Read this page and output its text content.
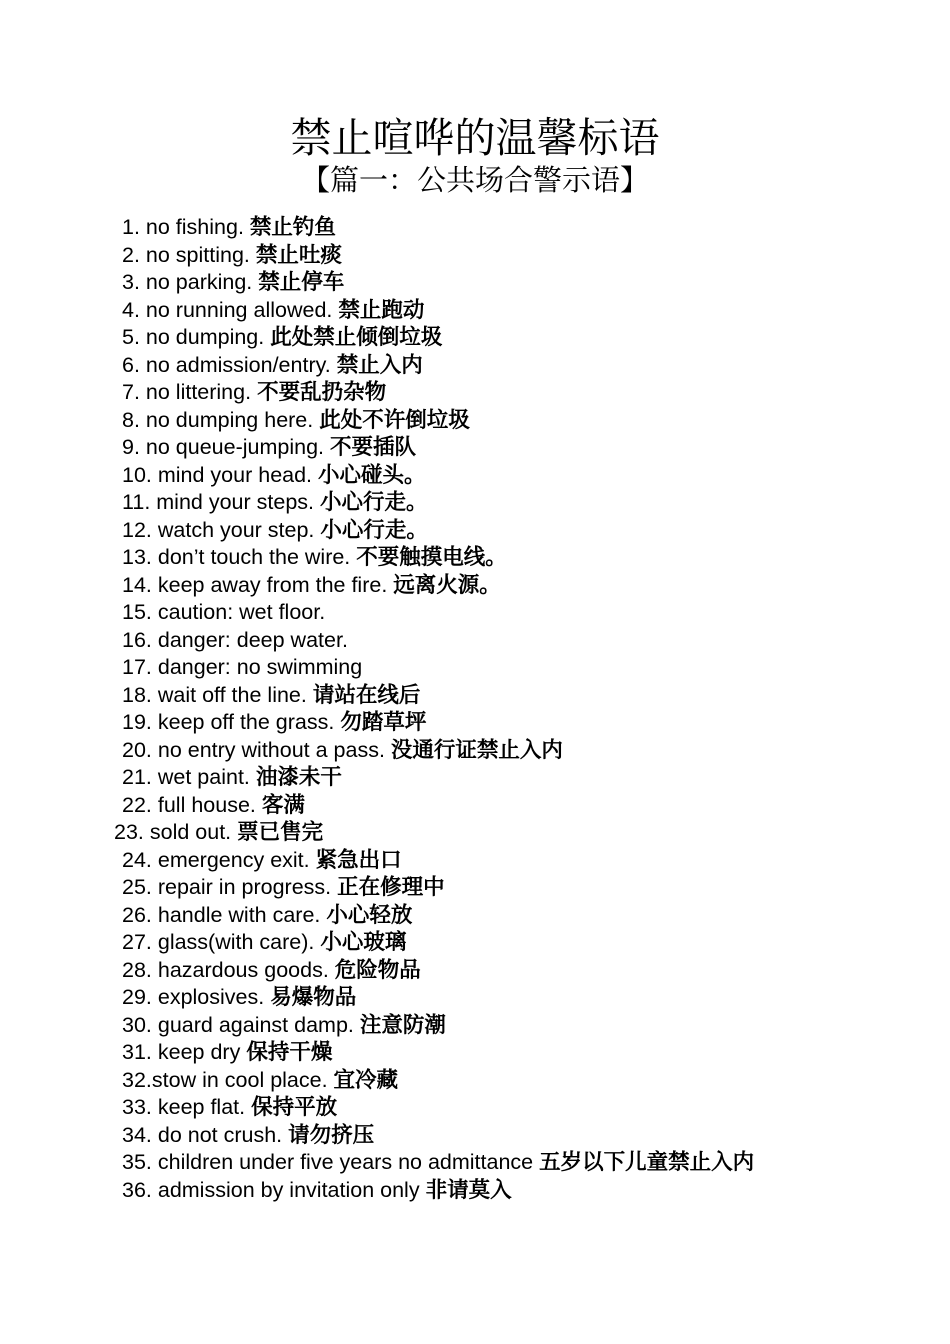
禁止喧哗的温馨标语
【篇一：公共场合警示语】
1. no fishing. 禁止钓鱼
2. no spitting. 禁止吐痰
3. no parking. 禁止停车
4. no running allowed. 禁止跑动
5. no dumping. 此处禁止倾倒垃圾
6. no admission/entry. 禁止入内
7. no littering. 不要乱扔杂物
8. no dumping here. 此处不许倒垃圾
9. no queue-jumping. 不要插队
10. mind your head. 小心碰头。
11. mind your steps. 小心行走。
12. watch your step. 小心行走。
13. don’t touch the wire. 不要触摸电线。
14. keep away from the fire. 远离火源。
15. caution: wet floor.
16. danger: deep water.
17. danger: no swimming
18. wait off the line. 请站在线后
19. keep off the grass. 勿踏草坪
20. no entry without a pass. 没通行证禁止入内
21. wet paint. 油漆未干
22. full house. 客满
23. sold out. 票已售完
24. emergency exit. 紧急出口
25. repair in progress. 正在修理中
26. handle with care. 小心轻放
27. glass(with care). 小心玻璃
28. hazardous goods. 危险物品
29. explosives. 易爆物品
30. guard against damp. 注意防潮
31. keep dry 保持干燥
32.stow in cool place. 宜冷藏
33. keep flat. 保持平放
34. do not crush. 请勿挤压
35. children under five years no admittance 五岁以下儿童禁止入内
36. admission by invitation only 非请莫入
